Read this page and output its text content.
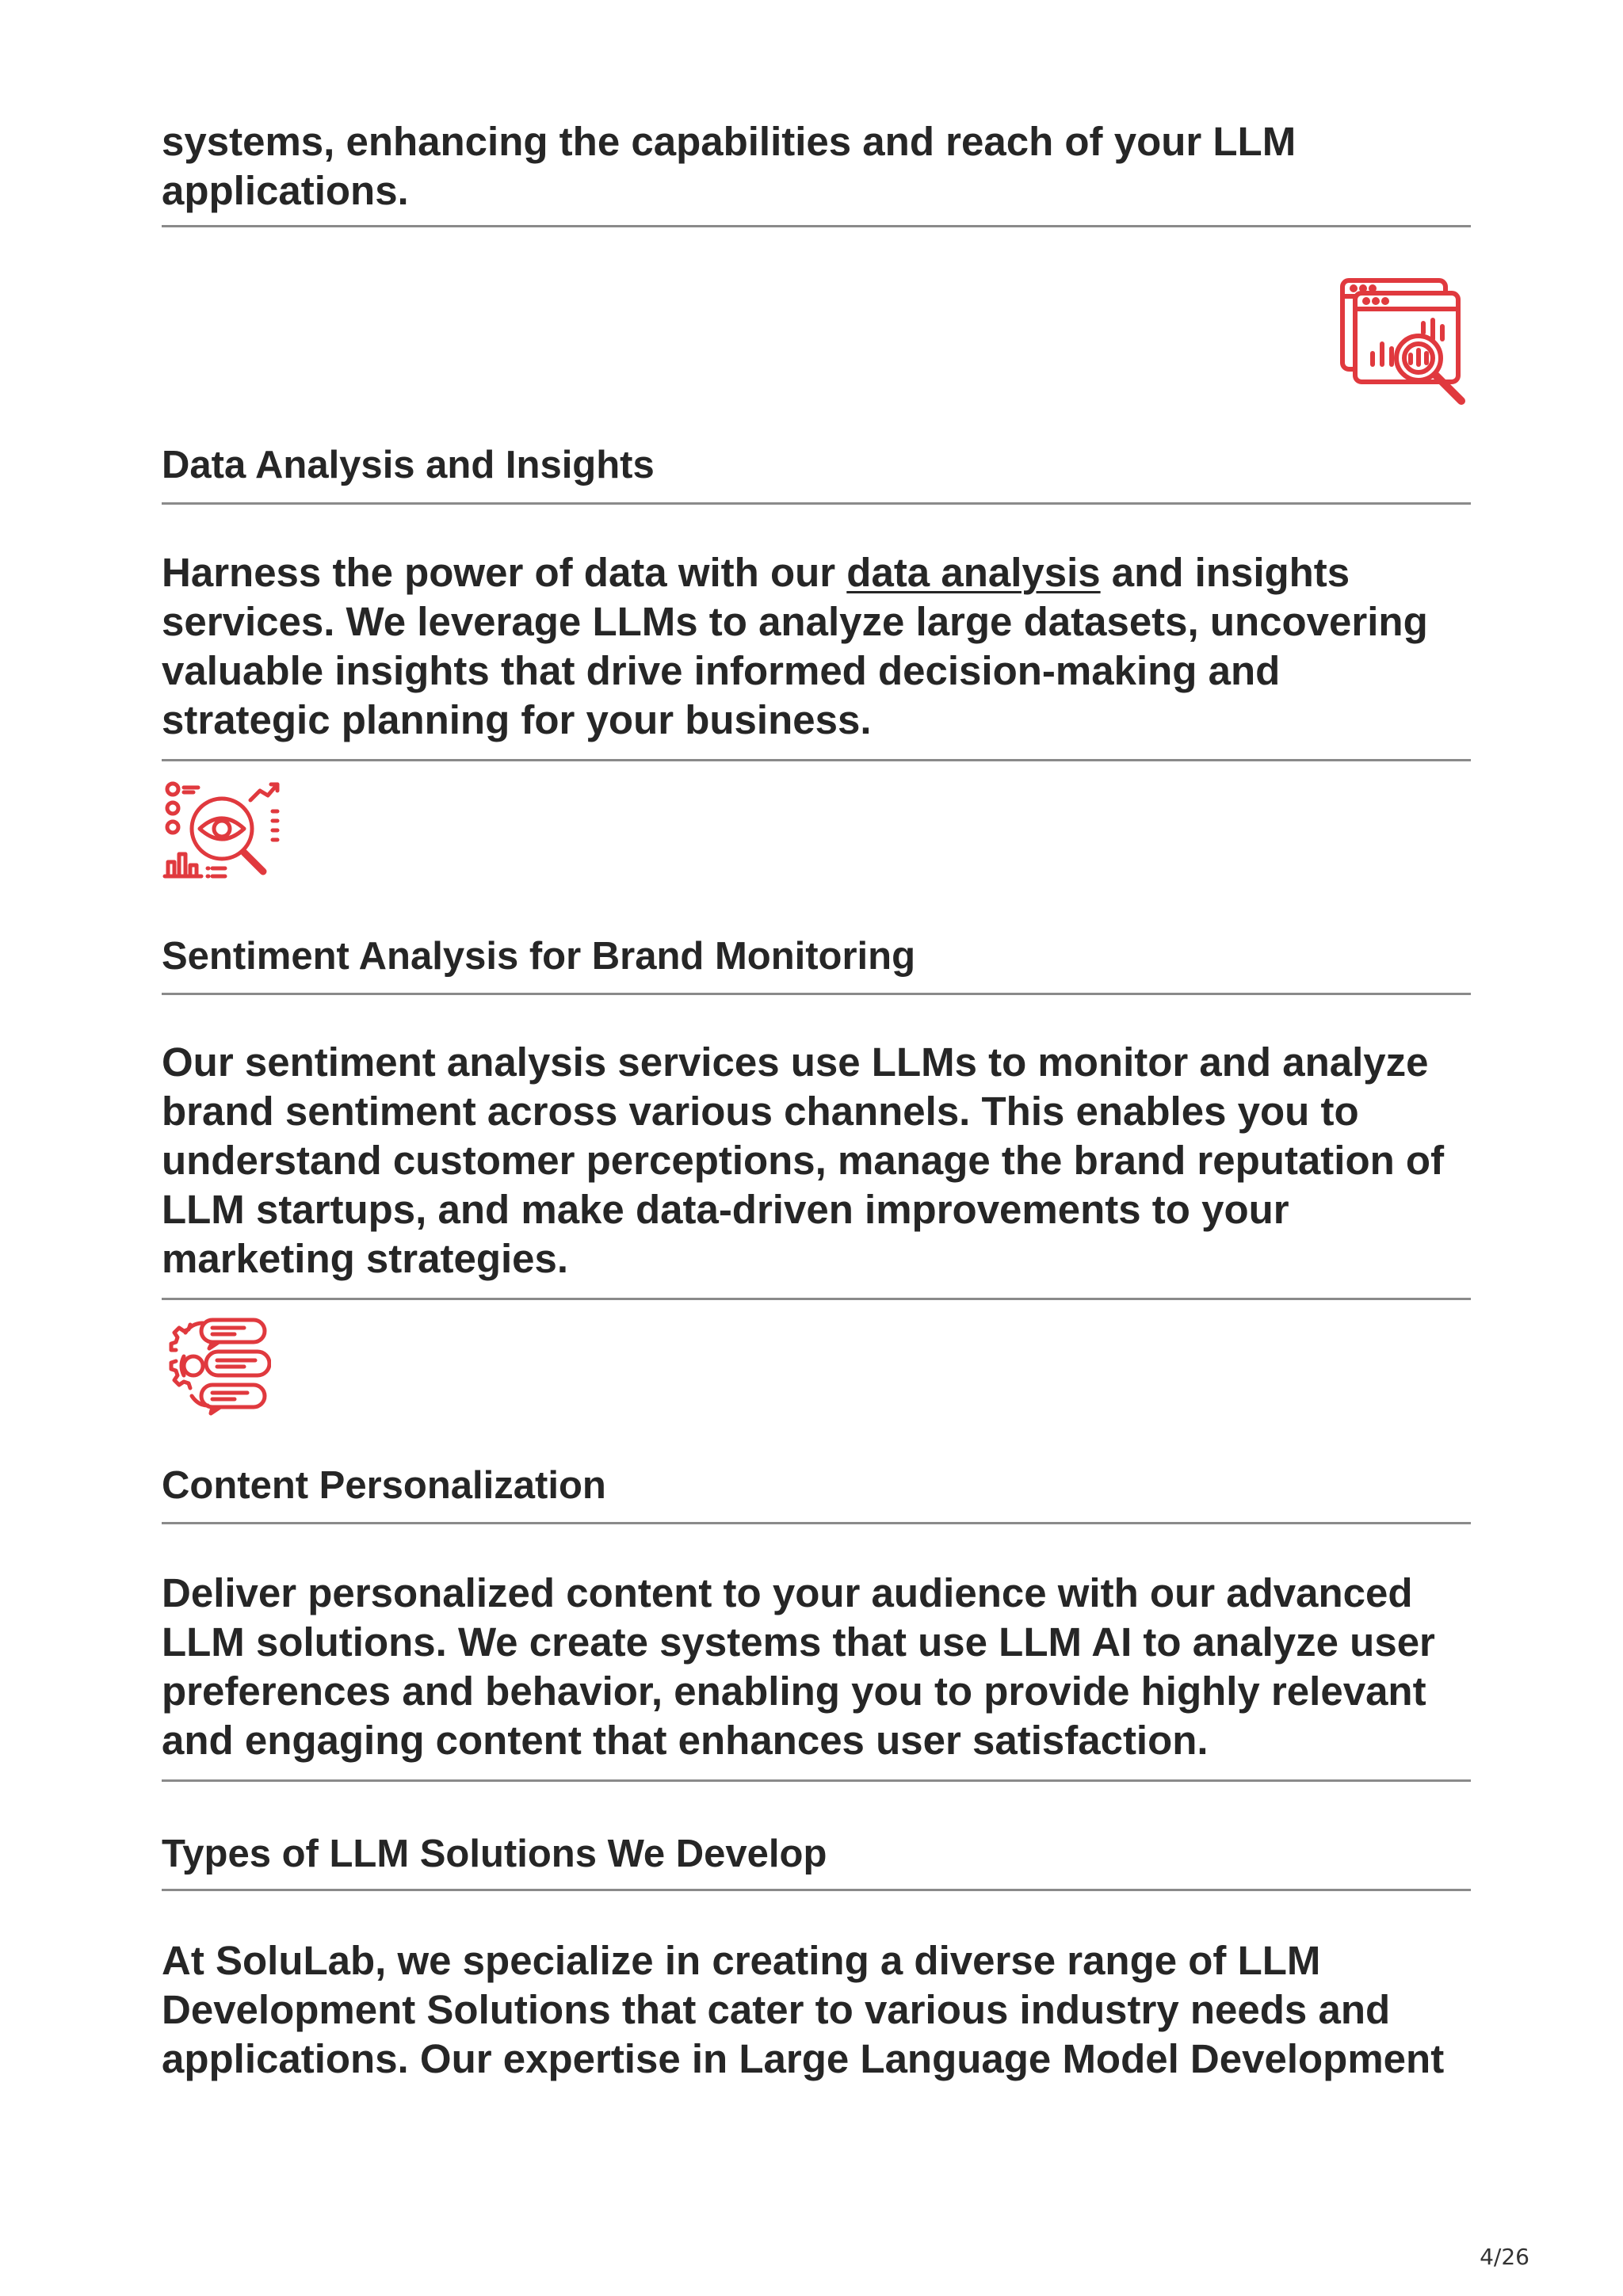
systems, enhancing the capabilities and reach of your LLM

applications.

Data Analysis and Insights

Harness the power of data with our data analysis and insights

services. We leverage LLMs to analyze large datasets, uncovering

valuable insights that drive informed decision-making and

strategic planning for your business.

Sentiment Analysis for Brand Monitoring

Our sentiment analysis services use LLMs to monitor and analyze

brand sentiment across various channels. This enables you to

understand customer perceptions, manage the brand reputation of

LLM startups, and make data-driven improvements to your

marketing strategies.

Content Personalization

Deliver personalized content to your audience with our advanced

LLM solutions. We create systems that use LLM AI to analyze user

preferences and behavior, enabling you to provide highly relevant

and engaging content that enhances user satisfaction.

Types of LLM Solutions We Develop

At SoluLab, we specialize in creating a diverse range of LLM

Development Solutions that cater to various industry needs and

applications. Our expertise in Large Language Model Development

4/26
